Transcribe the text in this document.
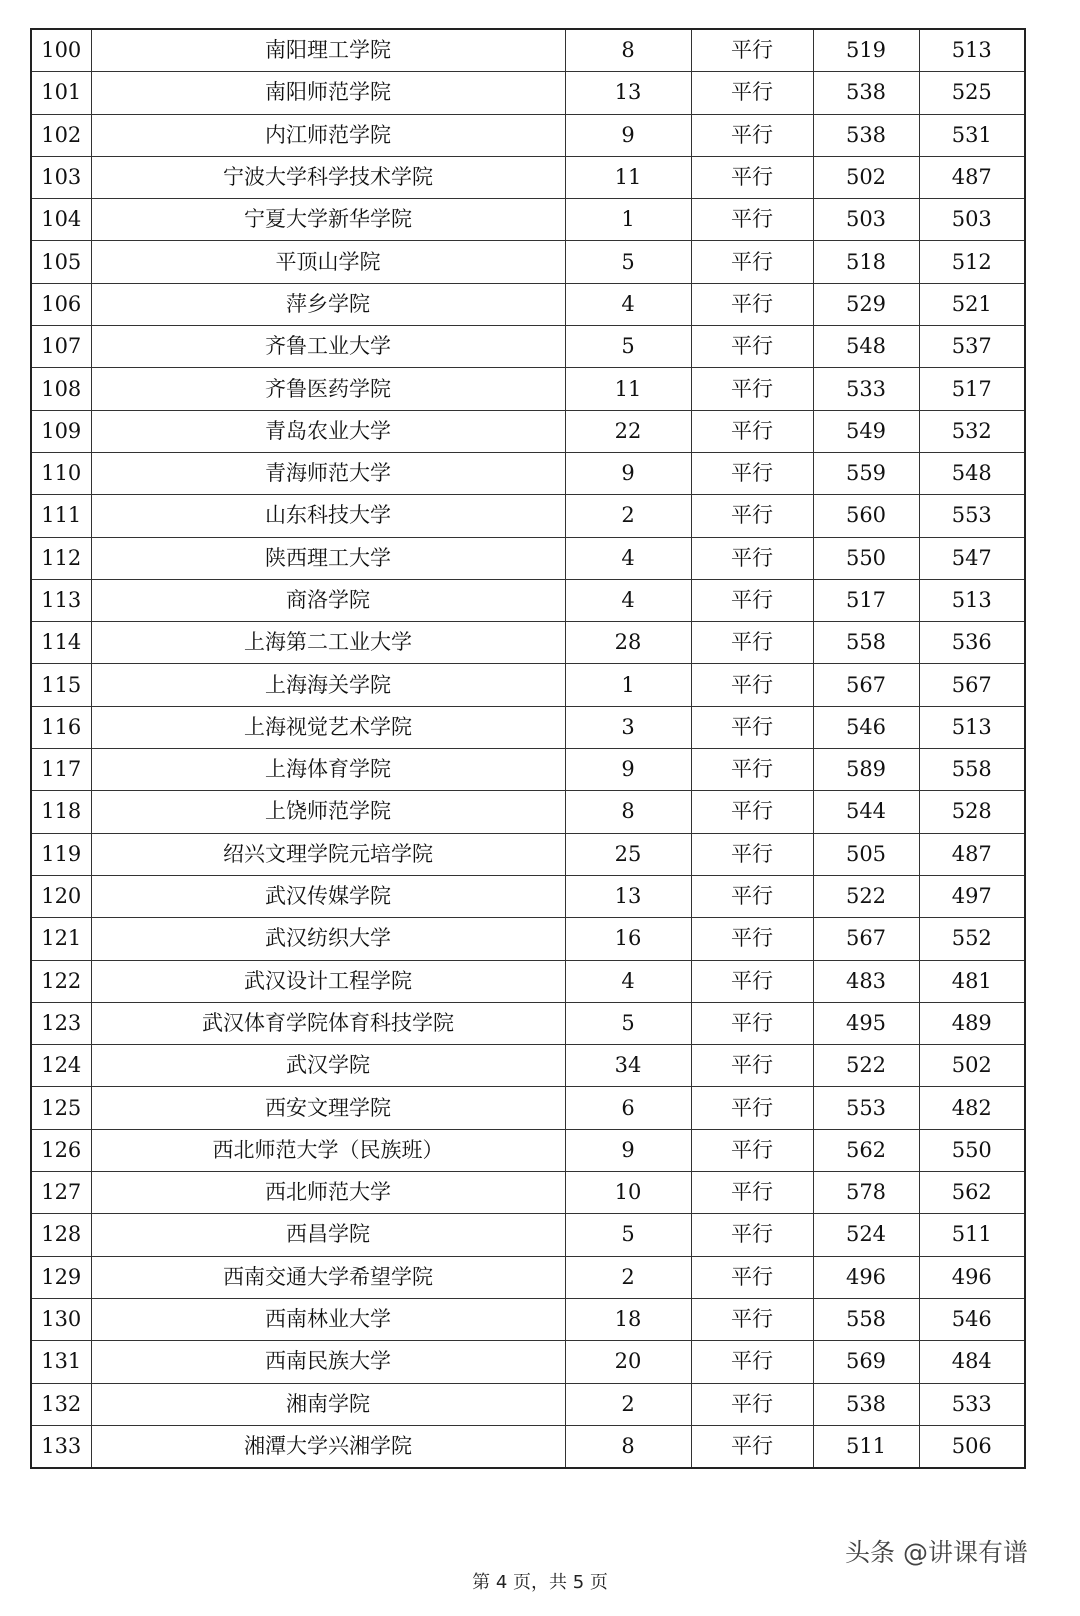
100	南阳理工学院	8	平行	519	513
101	南阳师范学院	13	平行	538	525
102	内江师范学院	9	平行	538	531
103	宁波大学科学技术学院	11	平行	502	487
104	宁夏大学新华学院	1	平行	503	503
105	平顶山学院	5	平行	518	512
106	萍乡学院	4	平行	529	521
107	齐鲁工业大学	5	平行	548	537
108	齐鲁医药学院	11	平行	533	517
109	青岛农业大学	22	平行	549	532
110	青海师范大学	9	平行	559	548
111	山东科技大学	2	平行	560	553
112	陕西理工大学	4	平行	550	547
113	商洛学院	4	平行	517	513
114	上海第二工业大学	28	平行	558	536
115	上海海关学院	1	平行	567	567
116	上海视觉艺术学院	3	平行	546	513
117	上海体育学院	9	平行	589	558
118	上饶师范学院	8	平行	544	528
119	绍兴文理学院元培学院	25	平行	505	487
120	武汉传媒学院	13	平行	522	497
121	武汉纺织大学	16	平行	567	552
122	武汉设计工程学院	4	平行	483	481
123	武汉体育学院体育科技学院	5	平行	495	489
124	武汉学院	34	平行	522	502
125	西安文理学院	6	平行	553	482
126	西北师范大学（民族班）	9	平行	562	550
127	西北师范大学	10	平行	578	562
128	西昌学院	5	平行	524	511
129	西南交通大学希望学院	2	平行	496	496
130	西南林业大学	18	平行	558	546
131	西南民族大学	20	平行	569	484
132	湘南学院	2	平行	538	533
133	湘潭大学兴湘学院	8	平行	511	506
第 4 页，共 5 页
头条 @讲课有谱
